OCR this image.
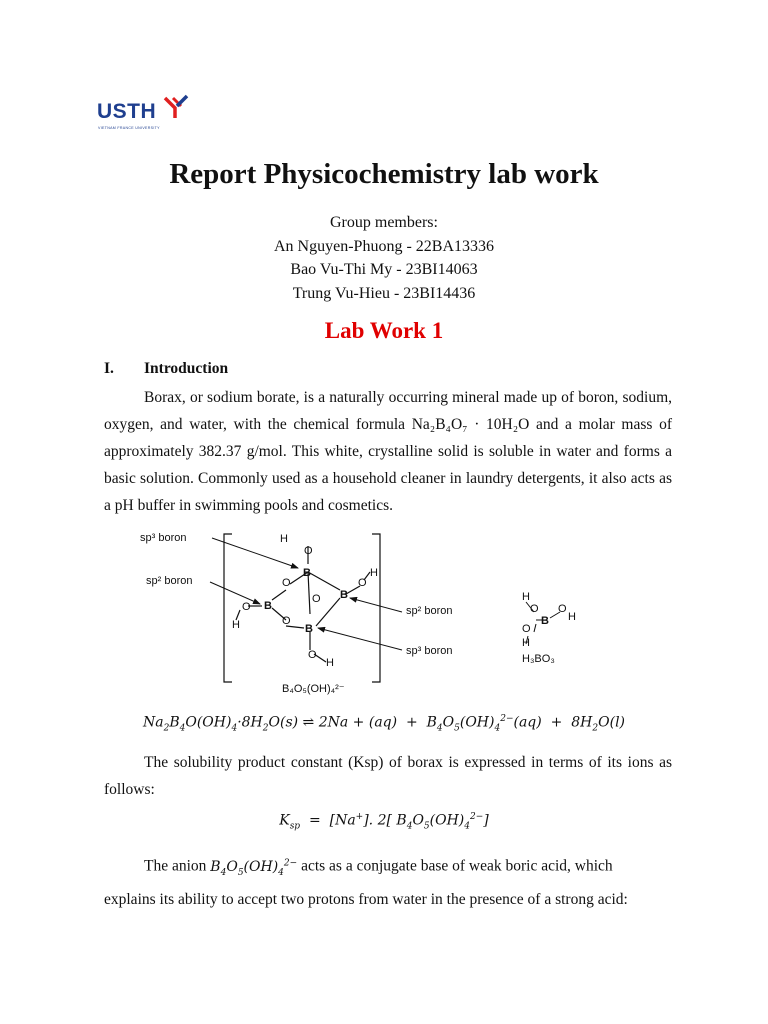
USTH
VIETNAM FRANCE UNIVERSITY
Report Physicochemistry lab work
Group members:
An Nguyen-Phuong - 22BA13336
Bao Vu-Thi My - 23BI14063
Trung Vu-Hieu - 23BI14436
Lab Work 1
I. Introduction
Borax, or sodium borate, is a naturally occurring mineral made up of boron, sodium, oxygen, and water, with the chemical formula Na₂B₄O₇ · 10H₂O and a molar mass of approximately 382.37 g/mol. This white, crystalline solid is soluble in water and forms a basic solution. Commonly used as a household cleaner in laundry detergents, it also acts as a pH buffer in swimming pools and cosmetics.
H
O
B
O
O
B
B
O
O
H
O
H
B
O
H
sp³ boron
sp² boron
sp² boron
sp³ boron
B₄O₅(OH)₄²⁻
H
O
B
O
H
O
H
H₃BO₃
$Na_2B_4O(OH)_4\cdot 8H_2O(s)$ ⇌ $2Na + (aq) + B_4O_5(OH)_4^{2-}(aq) + 8H_2O(l)$
The solubility product constant (Ksp) of borax is expressed in terms of its ions as follows:
$K_{sp} = [Na^+]$. 2[ $B_4O_5(OH)_4^{2-}$]
The anion $B_4O_5(OH)_4^{2-}$ acts as a conjugate base of weak boric acid, which
explains its ability to accept two protons from water in the presence of a strong acid:
